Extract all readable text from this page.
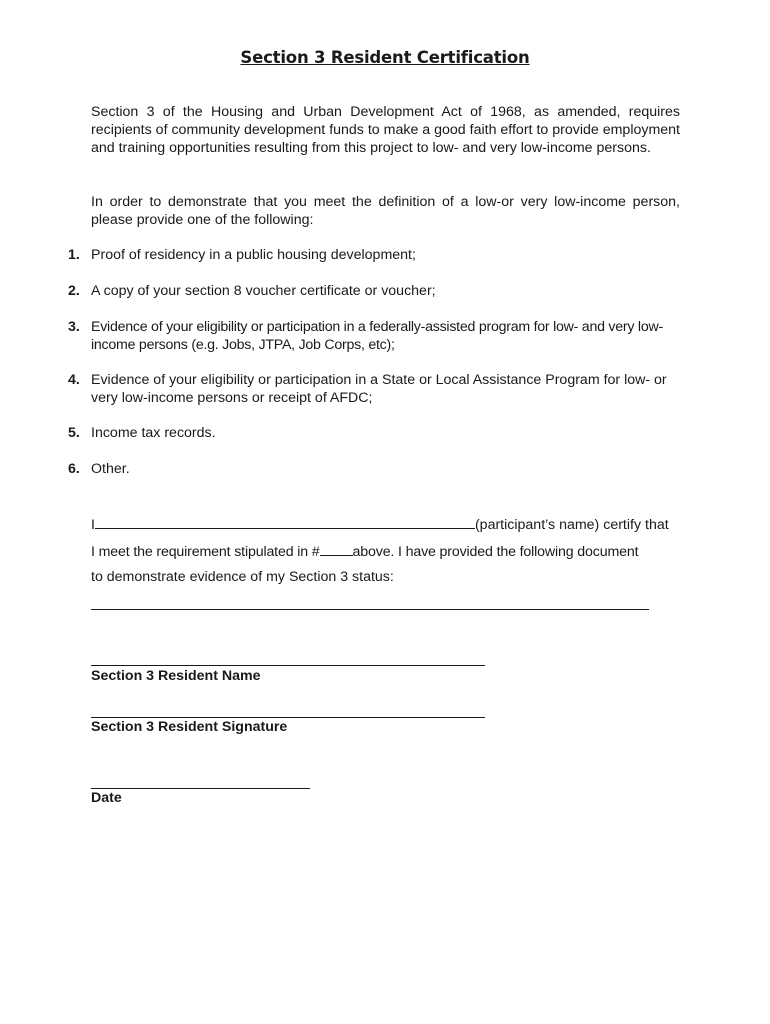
Section 3 Resident Certification

Section 3 of the Housing and Urban Development Act of 1968, as amended, requires recipients of community development funds to make a good faith effort to provide employment and training opportunities resulting from this project to low- and very low-income persons.

In order to demonstrate that you meet the definition of a low-or very low-income person, please provide one of the following:

1. Proof of residency in a public housing development;
2. A copy of your section 8 voucher certificate or voucher;
3. Evidence of your eligibility or participation in a federally-assisted program for low- and very low-income persons (e.g. Jobs, JTPA, Job Corps, etc);
4. Evidence of your eligibility or participation in a State or Local Assistance Program for low- or very low-income persons or receipt of AFDC;
5. Income tax records.
6. Other.
I	(participant’s name) certify that
I meet the requirement stipulated in # above. I have provided the following document
to demonstrate evidence of my Section 3 status:
Section 3 Resident Name
Section 3 Resident Signature
Date
